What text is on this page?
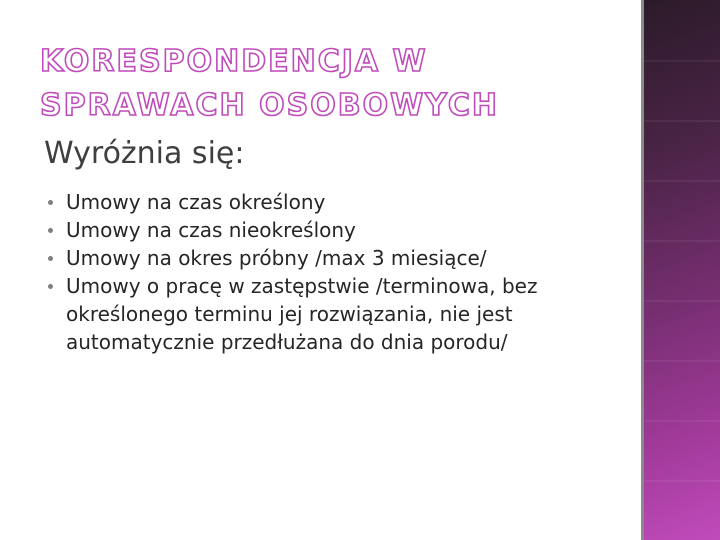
KORESPONDENCJA W SPRAWACH OSOBOWYCH
Wyróżnia się:
Umowy na czas określony
Umowy na czas nieokreślony
Umowy na okres próbny /max 3 miesiące/
Umowy o pracę w zastępstwie /terminowa, bez określonego terminu jej rozwiązania, nie jest automatycznie przedłużana do dnia porodu/
